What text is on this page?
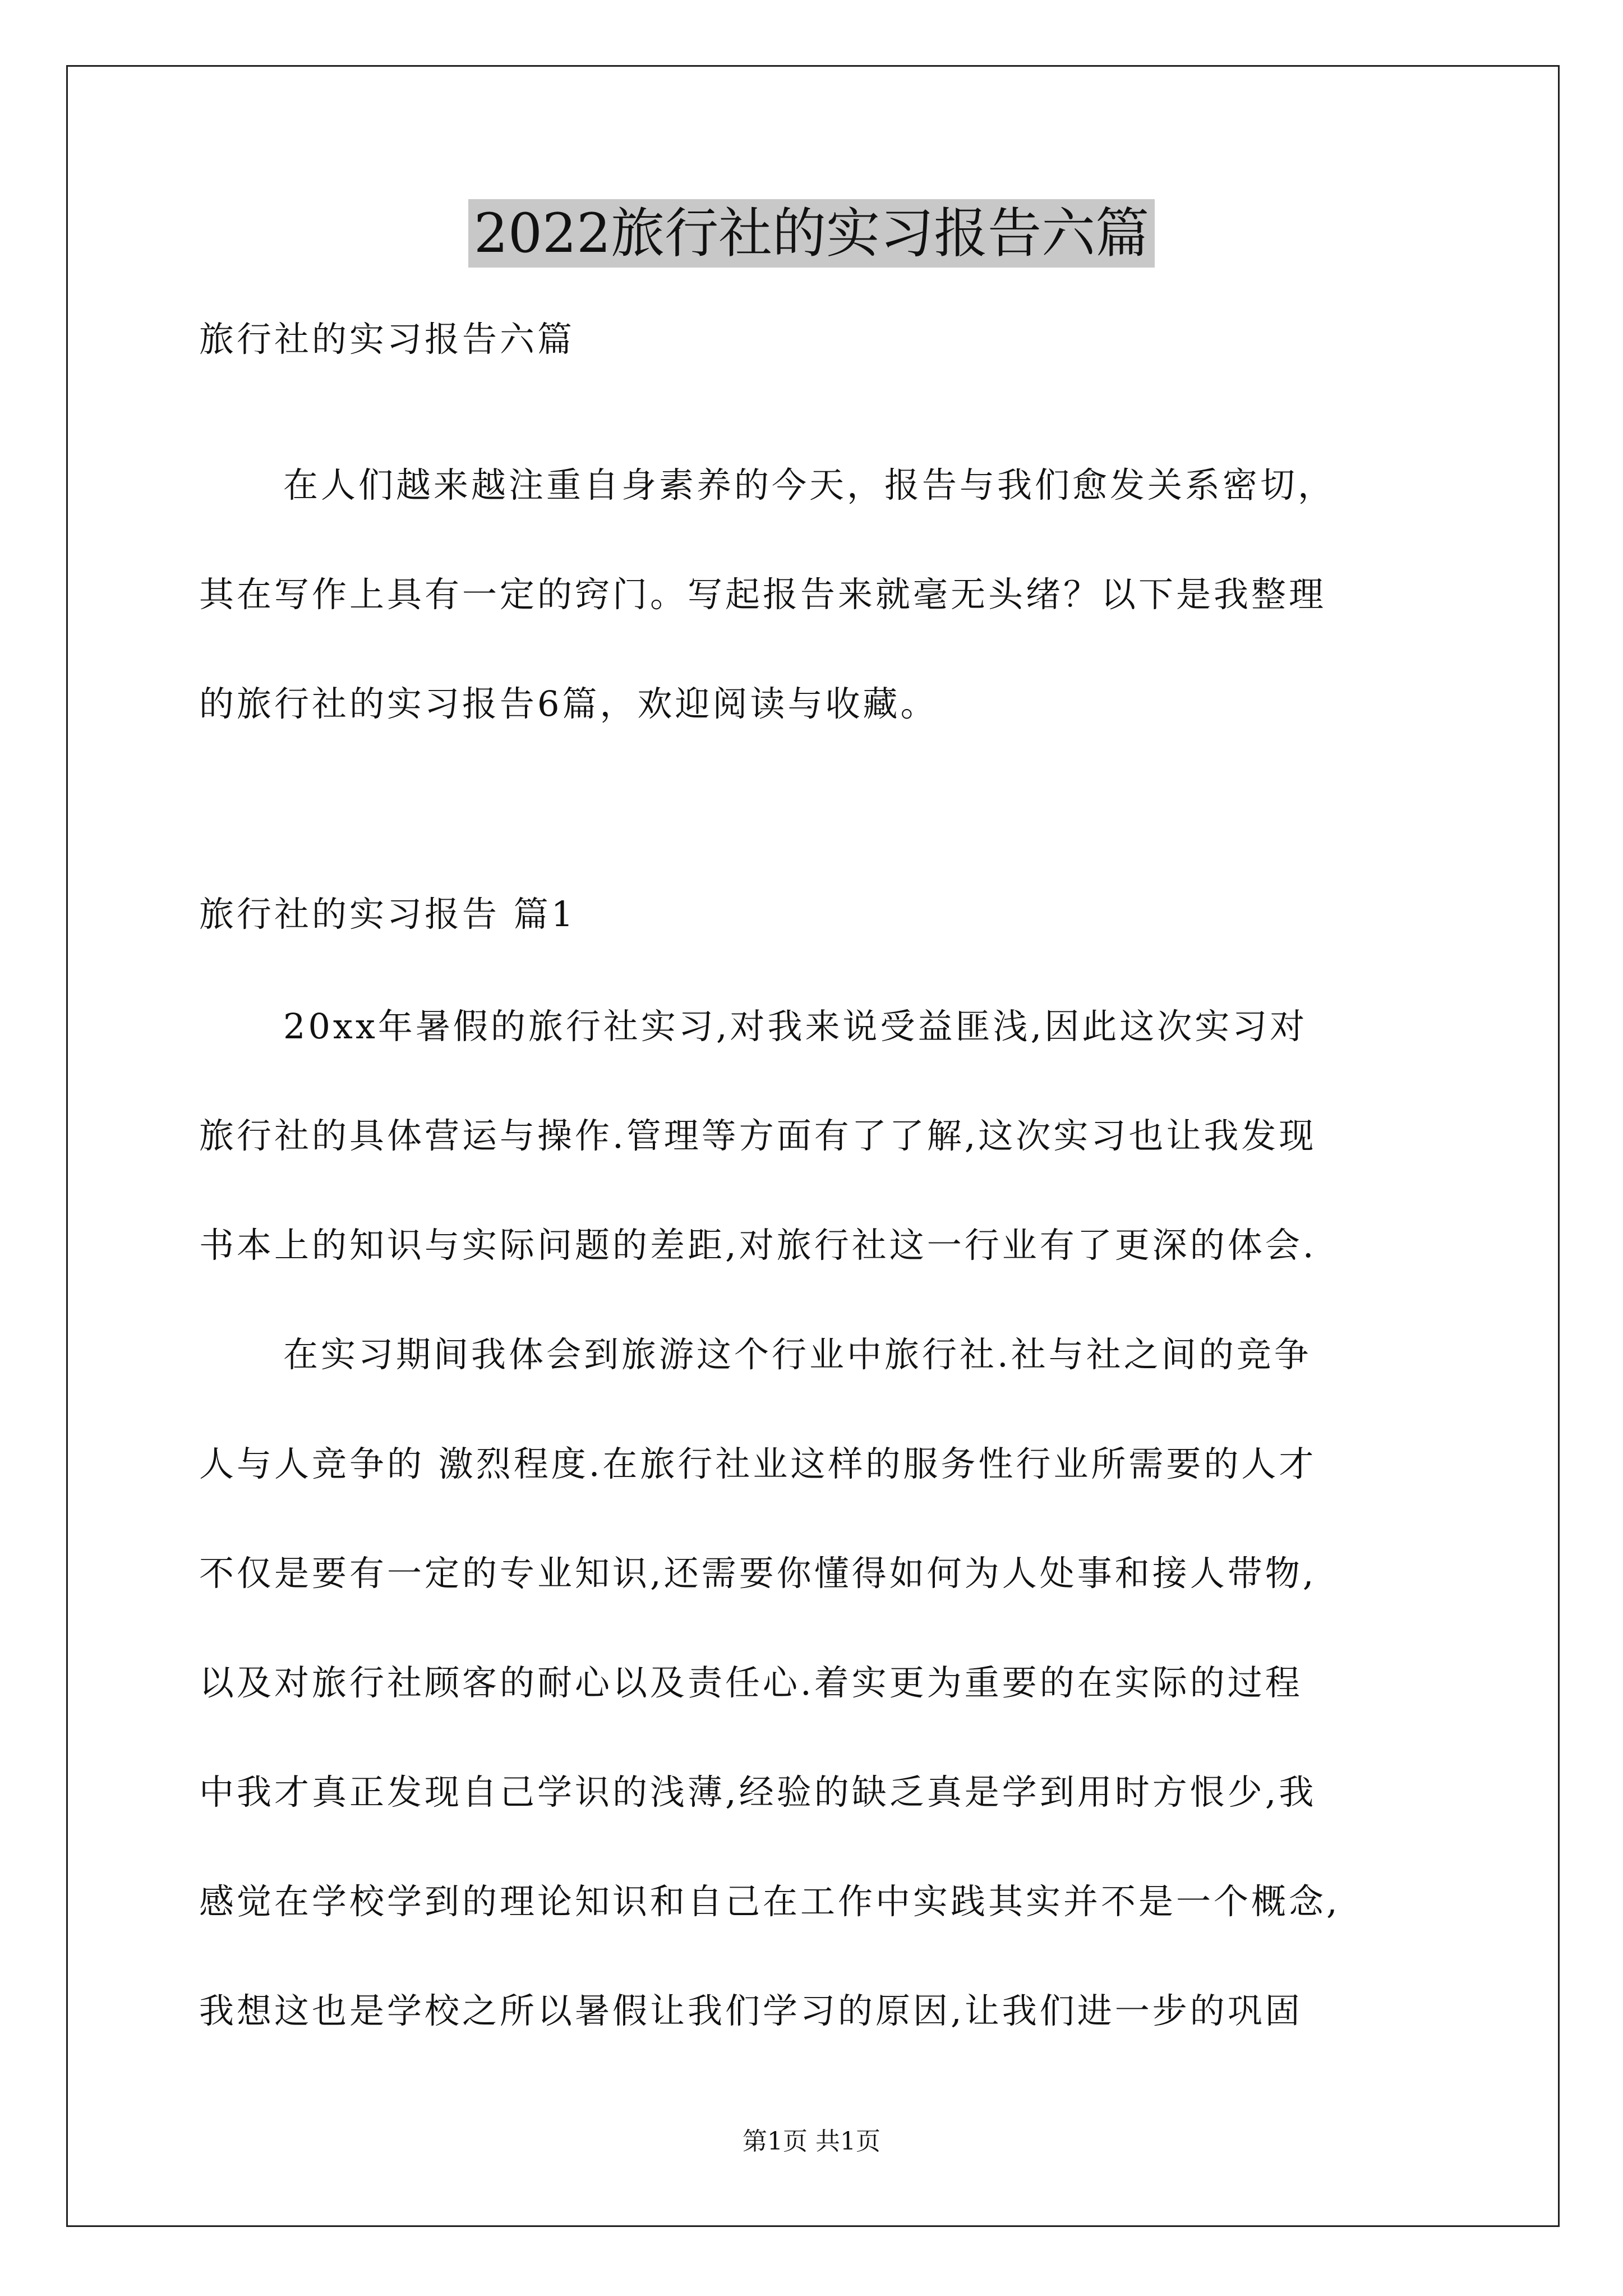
2022旅行社的实习报告六篇
旅行社的实习报告六篇
在人们越来越注重自身素养的今天，报告与我们愈发关系密切，
其在写作上具有一定的窍门。写起报告来就毫无头绪？以下是我整理
的旅行社的实习报告6篇，欢迎阅读与收藏。
旅行社的实习报告 篇1
20xx年暑假的旅行社实习,对我来说受益匪浅,因此这次实习对
旅行社的具体营运与操作.管理等方面有了了解,这次实习也让我发现
书本上的知识与实际问题的差距,对旅行社这一行业有了更深的体会.
在实习期间我体会到旅游这个行业中旅行社.社与社之间的竞争
人与人竞争的 激烈程度.在旅行社业这样的服务性行业所需要的人才
不仅是要有一定的专业知识,还需要你懂得如何为人处事和接人带物,
以及对旅行社顾客的耐心以及责任心.着实更为重要的在实际的过程
中我才真正发现自己学识的浅薄,经验的缺乏真是学到用时方恨少,我
感觉在学校学到的理论知识和自己在工作中实践其实并不是一个概念,
我想这也是学校之所以暑假让我们学习的原因,让我们进一步的巩固
第1页 共1页
